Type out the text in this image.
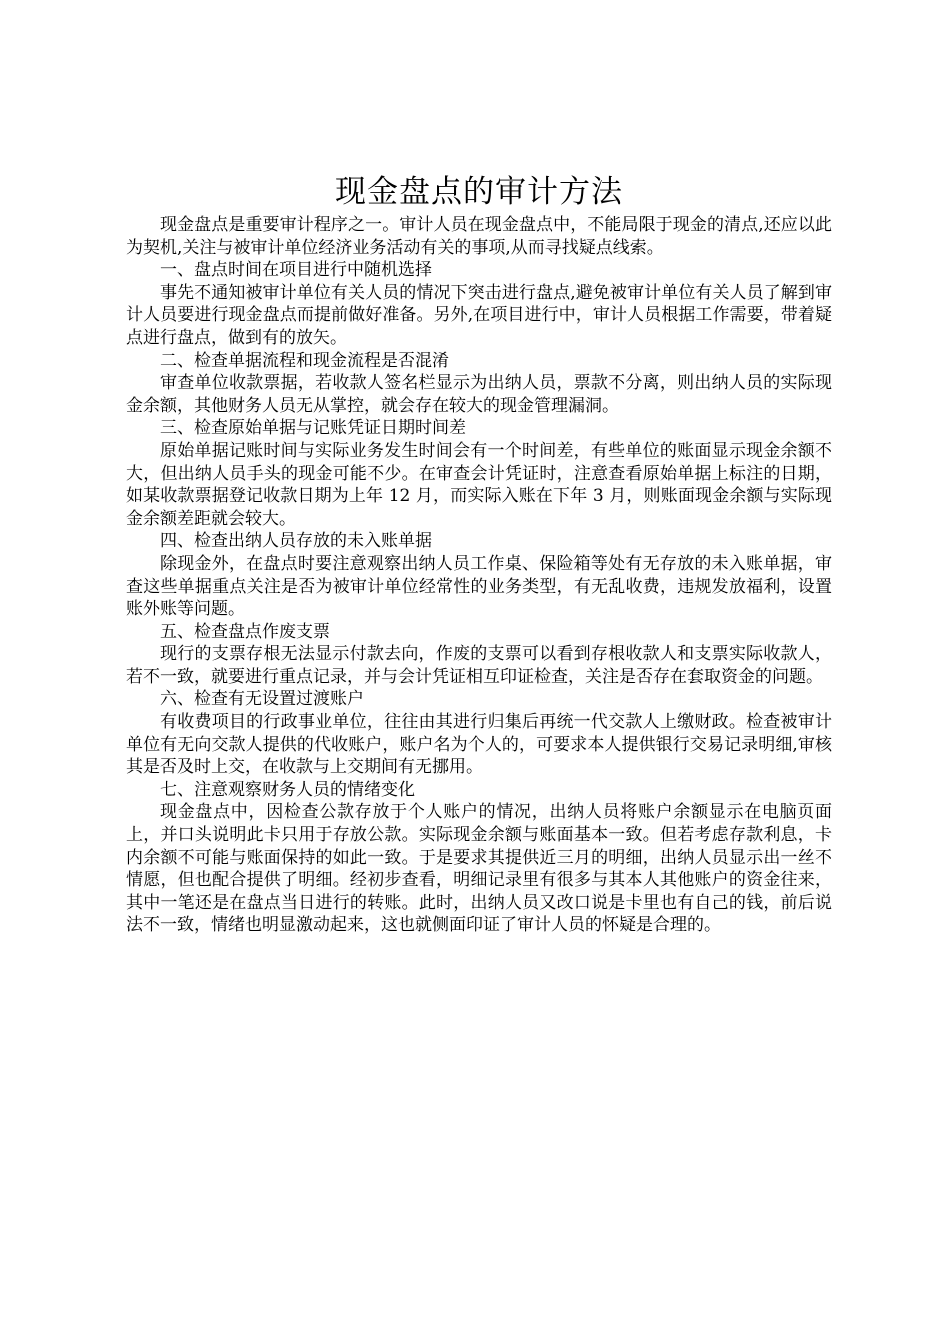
现金盘点的审计方法

现金盘点是重要审计程序之一。审计人员在现金盘点中，不能局限于现金的清点,还应以此为契机,关注与被审计单位经济业务活动有关的事项,从而寻找疑点线索。

一、盘点时间在项目进行中随机选择

事先不通知被审计单位有关人员的情况下突击进行盘点,避免被审计单位有关人员了解到审计人员要进行现金盘点而提前做好准备。另外,在项目进行中，审计人员根据工作需要，带着疑点进行盘点，做到有的放矢。

二、检查单据流程和现金流程是否混淆

审查单位收款票据，若收款人签名栏显示为出纳人员，票款不分离，则出纳人员的实际现金余额，其他财务人员无从掌控，就会存在较大的现金管理漏洞。

三、检查原始单据与记账凭证日期时间差

原始单据记账时间与实际业务发生时间会有一个时间差，有些单位的账面显示现金余额不大，但出纳人员手头的现金可能不少。在审查会计凭证时，注意查看原始单据上标注的日期，如某收款票据登记收款日期为上年 12 月，而实际入账在下年 3 月，则账面现金余额与实际现金余额差距就会较大。

四、检查出纳人员存放的未入账单据

除现金外，在盘点时要注意观察出纳人员工作桌、保险箱等处有无存放的未入账单据，审查这些单据重点关注是否为被审计单位经常性的业务类型，有无乱收费，违规发放福利，设置账外账等问题。

五、检查盘点作废支票

现行的支票存根无法显示付款去向，作废的支票可以看到存根收款人和支票实际收款人，若不一致，就要进行重点记录，并与会计凭证相互印证检查，关注是否存在套取资金的问题。

六、检查有无设置过渡账户

有收费项目的行政事业单位，往往由其进行归集后再统一代交款人上缴财政。检查被审计单位有无向交款人提供的代收账户，账户名为个人的，可要求本人提供银行交易记录明细,审核其是否及时上交，在收款与上交期间有无挪用。

七、注意观察财务人员的情绪变化

现金盘点中，因检查公款存放于个人账户的情况，出纳人员将账户余额显示在电脑页面上，并口头说明此卡只用于存放公款。实际现金余额与账面基本一致。但若考虑存款利息，卡内余额不可能与账面保持的如此一致。于是要求其提供近三月的明细，出纳人员显示出一丝不情愿，但也配合提供了明细。经初步查看，明细记录里有很多与其本人其他账户的资金往来，其中一笔还是在盘点当日进行的转账。此时，出纳人员又改口说是卡里也有自己的钱，前后说法不一致，情绪也明显激动起来，这也就侧面印证了审计人员的怀疑是合理的。
